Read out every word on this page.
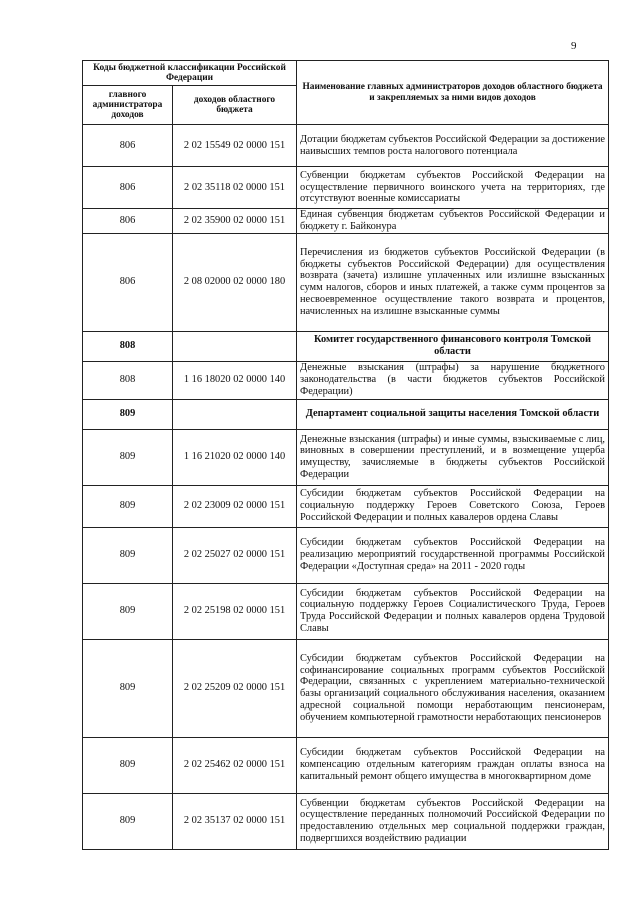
9
Коды бюджетной классификации Российской Федерации		Наименование главных администраторов доходов областного бюджета и закрепляемых за ними видов доходов
главного администратора доходов	доходов областного бюджета	
806	2 02 15549 02 0000 151	Дотации бюджетам субъектов Российской Федерации за достижение наивысших темпов роста налогового потенциала
806	2 02 35118 02 0000 151	Субвенции бюджетам субъектов Российской Федерации на осуществление первичного воинского учета на территориях, где отсутствуют военные комиссариаты
806	2 02 35900 02 0000 151	Единая субвенция бюджетам субъектов Российской Федерации и бюджету г. Байконура
806	2 08 02000 02 0000 180	Перечисления из бюджетов субъектов Российской Федерации (в бюджеты субъектов Российской Федерации) для осуществления возврата (зачета) излишне уплаченных или излишне взысканных сумм налогов, сборов и иных платежей, а также сумм процентов за несвоевременное осуществление такого возврата и процентов, начисленных на излишне взысканные суммы
808		Комитет государственного финансового контроля Томской области
808	1 16 18020 02 0000 140	Денежные взыскания (штрафы) за нарушение бюджетного законодательства (в части бюджетов субъектов Российской Федерации)
809		Департамент социальной защиты населения Томской области
809	1 16 21020 02 0000 140	Денежные взыскания (штрафы) и иные суммы, взыскиваемые с лиц, виновных в совершении преступлений, и в возмещение ущерба имуществу, зачисляемые в бюджеты субъектов Российской Федерации
809	2 02 23009 02 0000 151	Субсидии бюджетам субъектов Российской Федерации на социальную поддержку Героев Советского Союза, Героев Российской Федерации и полных кавалеров ордена Славы
809	2 02 25027 02 0000 151	Субсидии бюджетам субъектов Российской Федерации на реализацию мероприятий государственной программы Российской Федерации «Доступная среда» на 2011 - 2020 годы
809	2 02 25198 02 0000 151	Субсидии бюджетам субъектов Российской Федерации на социальную поддержку Героев Социалистического Труда, Героев Труда Российской Федерации и полных кавалеров ордена Трудовой Славы
809	2 02 25209 02 0000 151	Субсидии бюджетам субъектов Российской Федерации на софинансирование социальных программ субъектов Российской Федерации, связанных с укреплением материально-технической базы организаций социального обслуживания населения, оказанием адресной социальной помощи неработающим пенсионерам, обучением компьютерной грамотности неработающих пенсионеров
809	2 02 25462 02 0000 151	Субсидии бюджетам субъектов Российской Федерации на компенсацию отдельным категориям граждан оплаты взноса на капитальный ремонт общего имущества в многоквартирном доме
809	2 02 35137 02 0000 151	Субвенции бюджетам субъектов Российской Федерации на осуществление переданных полномочий Российской Федерации по предоставлению отдельных мер социальной поддержки граждан, подвергшихся воздействию радиации
